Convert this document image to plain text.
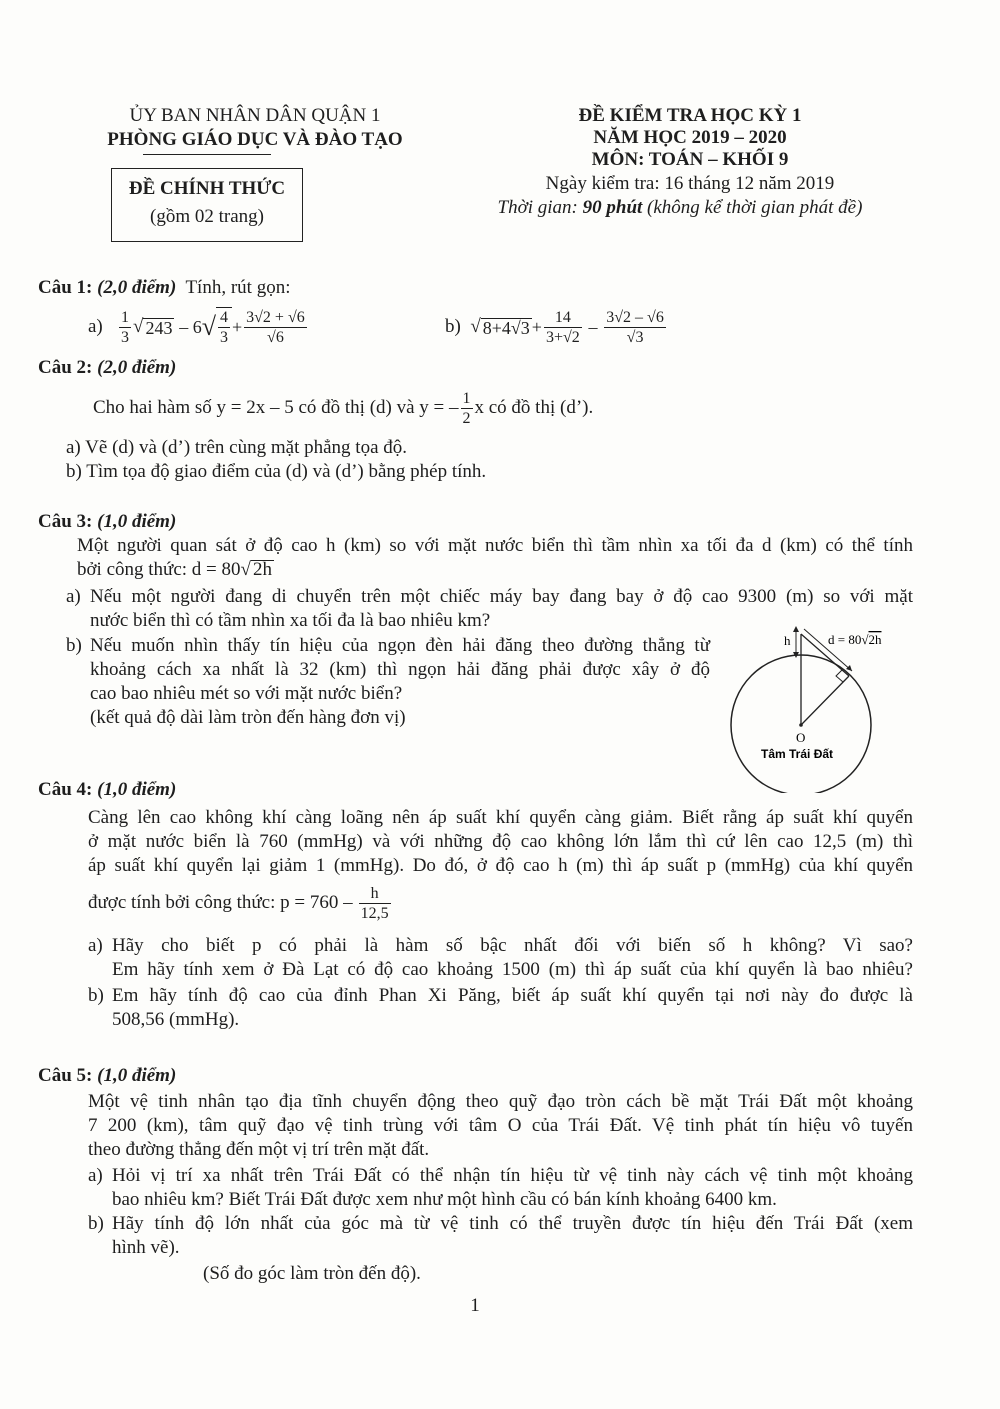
ỦY BAN NHÂN DÂN QUẬN 1
PHÒNG GIÁO DỤC VÀ ĐÀO TẠO
ĐỀ CHÍNH THỨC
(gồm 02 trang)
ĐỀ KIỂM TRA HỌC KỲ 1
NĂM HỌC 2019 – 2020
MÔN: TOÁN – KHỐI 9
Ngày kiểm tra: 16 tháng 12 năm 2019
Thời gian: 90 phút (không kể thời gian phát đề)
Câu 1: (2,0 điểm) Tính, rút gọn:
a)
$\frac{1}{3}$ √ 243
– 6 √ $\frac{4}{3} + \frac{3√2 + √6}{√6}$	b)
√ $8+4√3 + \frac{14}{3+√2}$
–
$\frac{3√2 - √6}{√3}$
Câu 2: (2,0 điểm)
Cho hai hàm số y = 2x – 5 có đồ thị (d) và y = – $\frac{1}{2}$ x có đồ thị (d’).
a) Vẽ (d) và (d’) trên cùng mặt phẳng tọa độ.
b) Tìm tọa độ giao điểm của (d) và (d’) bằng phép tính.
Câu 3: (1,0 điểm)
Một người quan sát ở độ cao h (km) so với mặt nước biển thì tầm nhìn xa tối đa d (km) có thể tính
bởi công thức: d = 80√ 2h
a) Nếu một người đang di chuyển trên một chiếc máy bay đang bay ở độ cao 9300 (m) so với mặt
nước biển thì có tầm nhìn xa tối đa là bao nhiêu km?
b) Nếu muốn nhìn thấy tín hiệu của ngọn đèn hải đăng theo đường thẳng từ
khoảng cách xa nhất là 32 (km) thì ngọn hải đăng phải được xây ở độ
cao bao nhiêu mét so với mặt nước biển?
(kết quả độ dài làm tròn đến hàng đơn vị)
h	d = 80√2h
O
Tâm Trái Đất
Câu 4: (1,0 điểm)
Càng lên cao không khí càng loãng nên áp suất khí quyển càng giảm. Biết rằng áp suất khí quyển
ở mặt nước biển là 760 (mmHg) và với những độ cao không lớn lắm thì cứ lên cao 12,5 (m) thì
áp suất khí quyển lại giảm 1 (mmHg). Do đó, ở độ cao h (m) thì áp suất p (mmHg) của khí quyển
được tính bởi công thức: $p = 760 - \frac{h}{12,5}$
a) Hãy cho biết p có phải là hàm số bậc nhất đối với biến số h không? Vì sao?
Em hãy tính xem ở Đà Lạt có độ cao khoảng 1500 (m) thì áp suất của khí quyển là bao nhiêu?
b) Em hãy tính độ cao của đỉnh Phan Xi Păng, biết áp suất khí quyển tại nơi này đo được là
508,56 (mmHg).
Câu 5: (1,0 điểm)
Một vệ tinh nhân tạo địa tĩnh chuyển động theo quỹ đạo tròn cách bề mặt Trái Đất một khoảng
7 200 (km), tâm quỹ đạo vệ tinh trùng với tâm O của Trái Đất. Vệ tinh phát tín hiệu vô tuyến
theo đường thẳng đến một vị trí trên mặt đất.
a) Hỏi vị trí xa nhất trên Trái Đất có thể nhận tín hiệu từ vệ tinh này cách vệ tinh một khoảng
bao nhiêu km? Biết Trái Đất được xem như một hình cầu có bán kính khoảng 6400 km.
b) Hãy tính độ lớn nhất của góc mà từ vệ tinh có thể truyền được tín hiệu đến Trái Đất (xem
hình vẽ).
(Số đo góc làm tròn đến độ).
1
